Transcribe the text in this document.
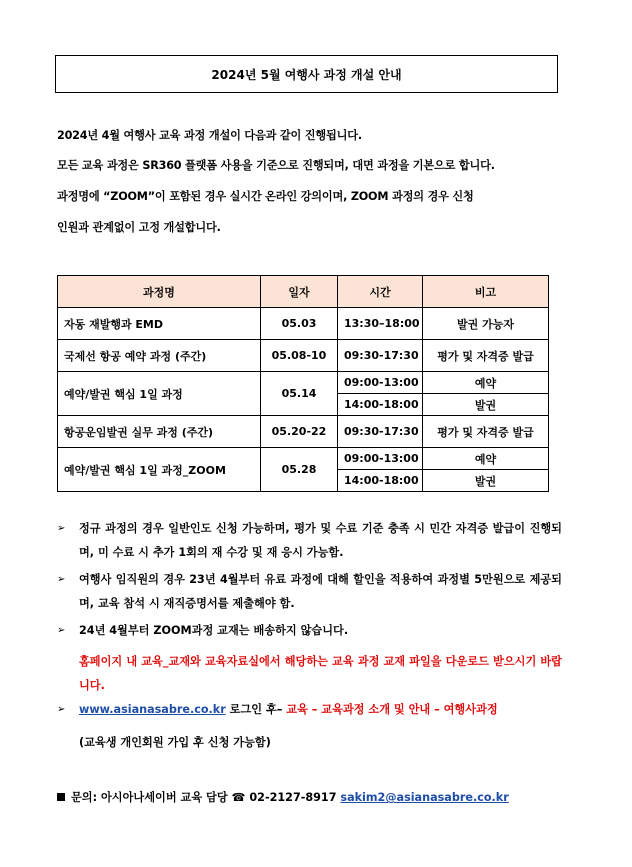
2024년 5월 여행사 과정 개설 안내
2024년 4월 여행사 교육 과정 개설이 다음과 같이 진행됩니다.
모든 교육 과정은 SR360 플랫폼 사용을 기준으로 진행되며, 대면 과정을 기본으로 합니다.
과정명에 “ZOOM”이 포함된 경우 실시간 온라인 강의이며, ZOOM 과정의 경우 신청
인원과 관계없이 고정 개설합니다.
과정명	일자	시간	비고
자동 재발행과 EMD	05.03	13:30–18:00	발권 가능자
국제선 항공 예약 과정 (주간)	05.08-10	09:30-17:30	평가 및 자격증 발급
예약/발권 핵심 1일 과정	05.14	09:00-13:00	예약
		14:00-18:00	발권
항공운임발권 실무 과정 (주간)	05.20-22	09:30-17:30	평가 및 자격증 발급
예약/발권 핵심 1일 과정_ZOOM	05.28	09:00-13:00	예약
		14:00-18:00	발권
➢	정규 과정의 경우 일반인도 신청 가능하며, 평가 및 수료 기준 충족 시 민간 자격증 발급이 진행되며, 미 수료 시 추가 1회의 재 수강 및 재 응시 가능함.
➢	여행사 임직원의 경우 23년 4월부터 유료 과정에 대해 할인을 적용하여 과정별 5만원으로 제공되며, 교육 참석 시 재직증명서를 제출해야 함.
➢	24년 4월부터 ZOOM과정 교재는 배송하지 않습니다.
홈페이지 내 교육_교재와 교육자료실에서 해당하는 교육 과정 교재 파일을 다운로드 받으시기 바랍니다.
➢	www.asianasabre.co.kr 로그인 후– 교육 – 교육과정 소개 및 안내 – 여행사과정
(교육생 개인회원 가입 후 신청 가능함)
문의: 아시아나세이버 교육 담당 ☎ 02-2127-8917 sakim2@asianasabre.co.kr
